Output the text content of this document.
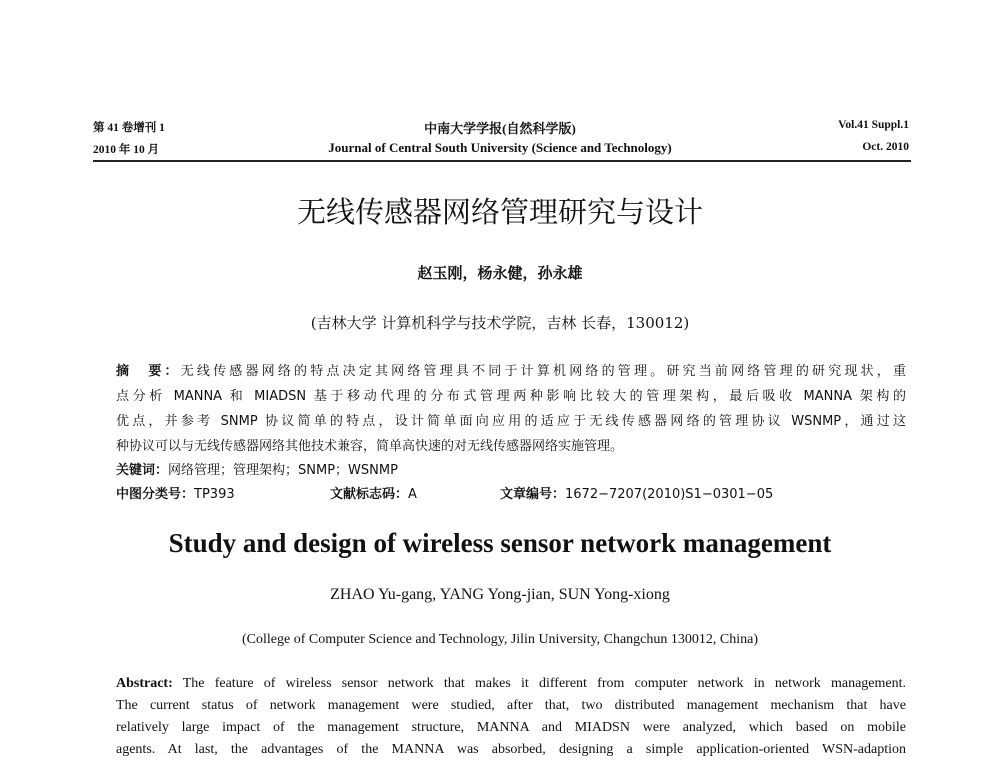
第 41 卷增刊 1
2010 年 10 月
中南大学学报(自然科学版)
Journal of Central South University (Science and Technology)
Vol.41 Suppl.1
Oct. 2010
无线传感器网络管理研究与设计
赵玉刚，杨永健，孙永雄
(吉林大学 计算机科学与技术学院，吉林 长春，130012)
摘　要：无线传感器网络的特点决定其网络管理具不同于计算机网络的管理。研究当前网络管理的研究现状，重
点分析 MANNA 和 MIADSN 基于移动代理的分布式管理两种影响比较大的管理架构，最后吸收 MANNA 架构的
优点，并参考 SNMP 协议简单的特点，设计简单面向应用的适应于无线传感器网络的管理协议 WSNMP，通过这
种协议可以与无线传感器网络其他技术兼容，简单高快速的对无线传感器网络实施管理。
关键词：网络管理；管理架构；SNMP；WSNMP
中图分类号：TP393	文献标志码：A	文章编号：1672−7207(2010)S1−0301−05
Study and design of wireless sensor network management
ZHAO Yu-gang, YANG Yong-jian, SUN Yong-xiong
(College of Computer Science and Technology, Jilin University, Changchun 130012, China)
Abstract: The feature of wireless sensor network that makes it different from computer network in network management.
The current status of network management were studied, after that, two distributed management mechanism that have
relatively large impact of the management structure, MANNA and MIADSN were analyzed, which based on mobile
agents. At last, the advantages of the MANNA was absorbed, designing a simple application-oriented WSN-adaption
